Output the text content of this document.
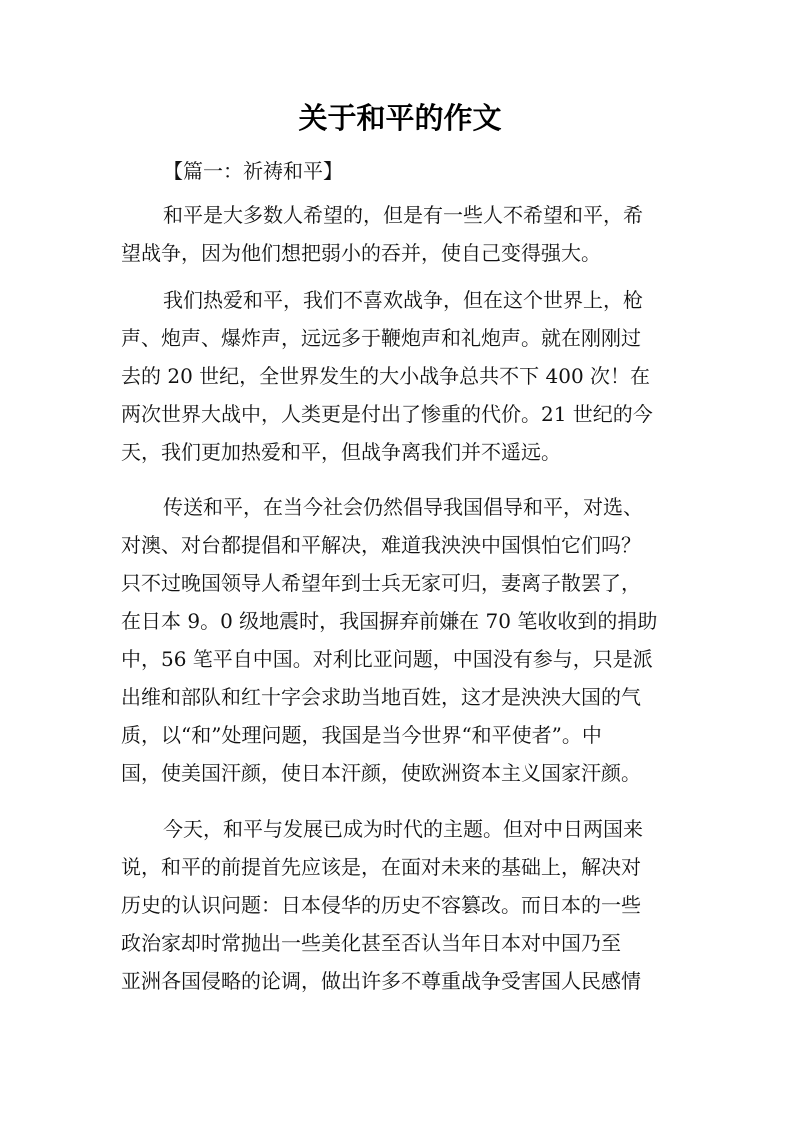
关于和平的作文
【篇一：祈祷和平】
和平是大多数人希望的，但是有一些人不希望和平，希
望战争，因为他们想把弱小的吞并，使自己变得强大。
我们热爱和平，我们不喜欢战争，但在这个世界上，枪
声、炮声、爆炸声，远远多于鞭炮声和礼炮声。就在刚刚过
去的 20 世纪，全世界发生的大小战争总共不下 400 次！在
两次世界大战中，人类更是付出了惨重的代价。21 世纪的今
天，我们更加热爱和平，但战争离我们并不遥远。
传送和平，在当今社会仍然倡导我国倡导和平，对选、
对澳、对台都提倡和平解决，难道我泱泱中国惧怕它们吗？
只不过晚国领导人希望年到士兵无家可归，妻离子散罢了，
在日本 9。0 级地震时，我国摒弃前嫌在 70 笔收收到的捐助
中，56 笔平自中国。对利比亚问题，中国没有参与，只是派
出维和部队和红十字会求助当地百姓，这才是泱泱大国的气
质，以“和”处理问题，我国是当今世界“和平使者”。中
国，使美国汗颜，使日本汗颜，使欧洲资本主义国家汗颜。
今天，和平与发展已成为时代的主题。但对中日两国来
说，和平的前提首先应该是，在面对未来的基础上，解决对
历史的认识问题：日本侵华的历史不容篡改。而日本的一些
政治家却时常抛出一些美化甚至否认当年日本对中国乃至
亚洲各国侵略的论调，做出许多不尊重战争受害国人民感情
